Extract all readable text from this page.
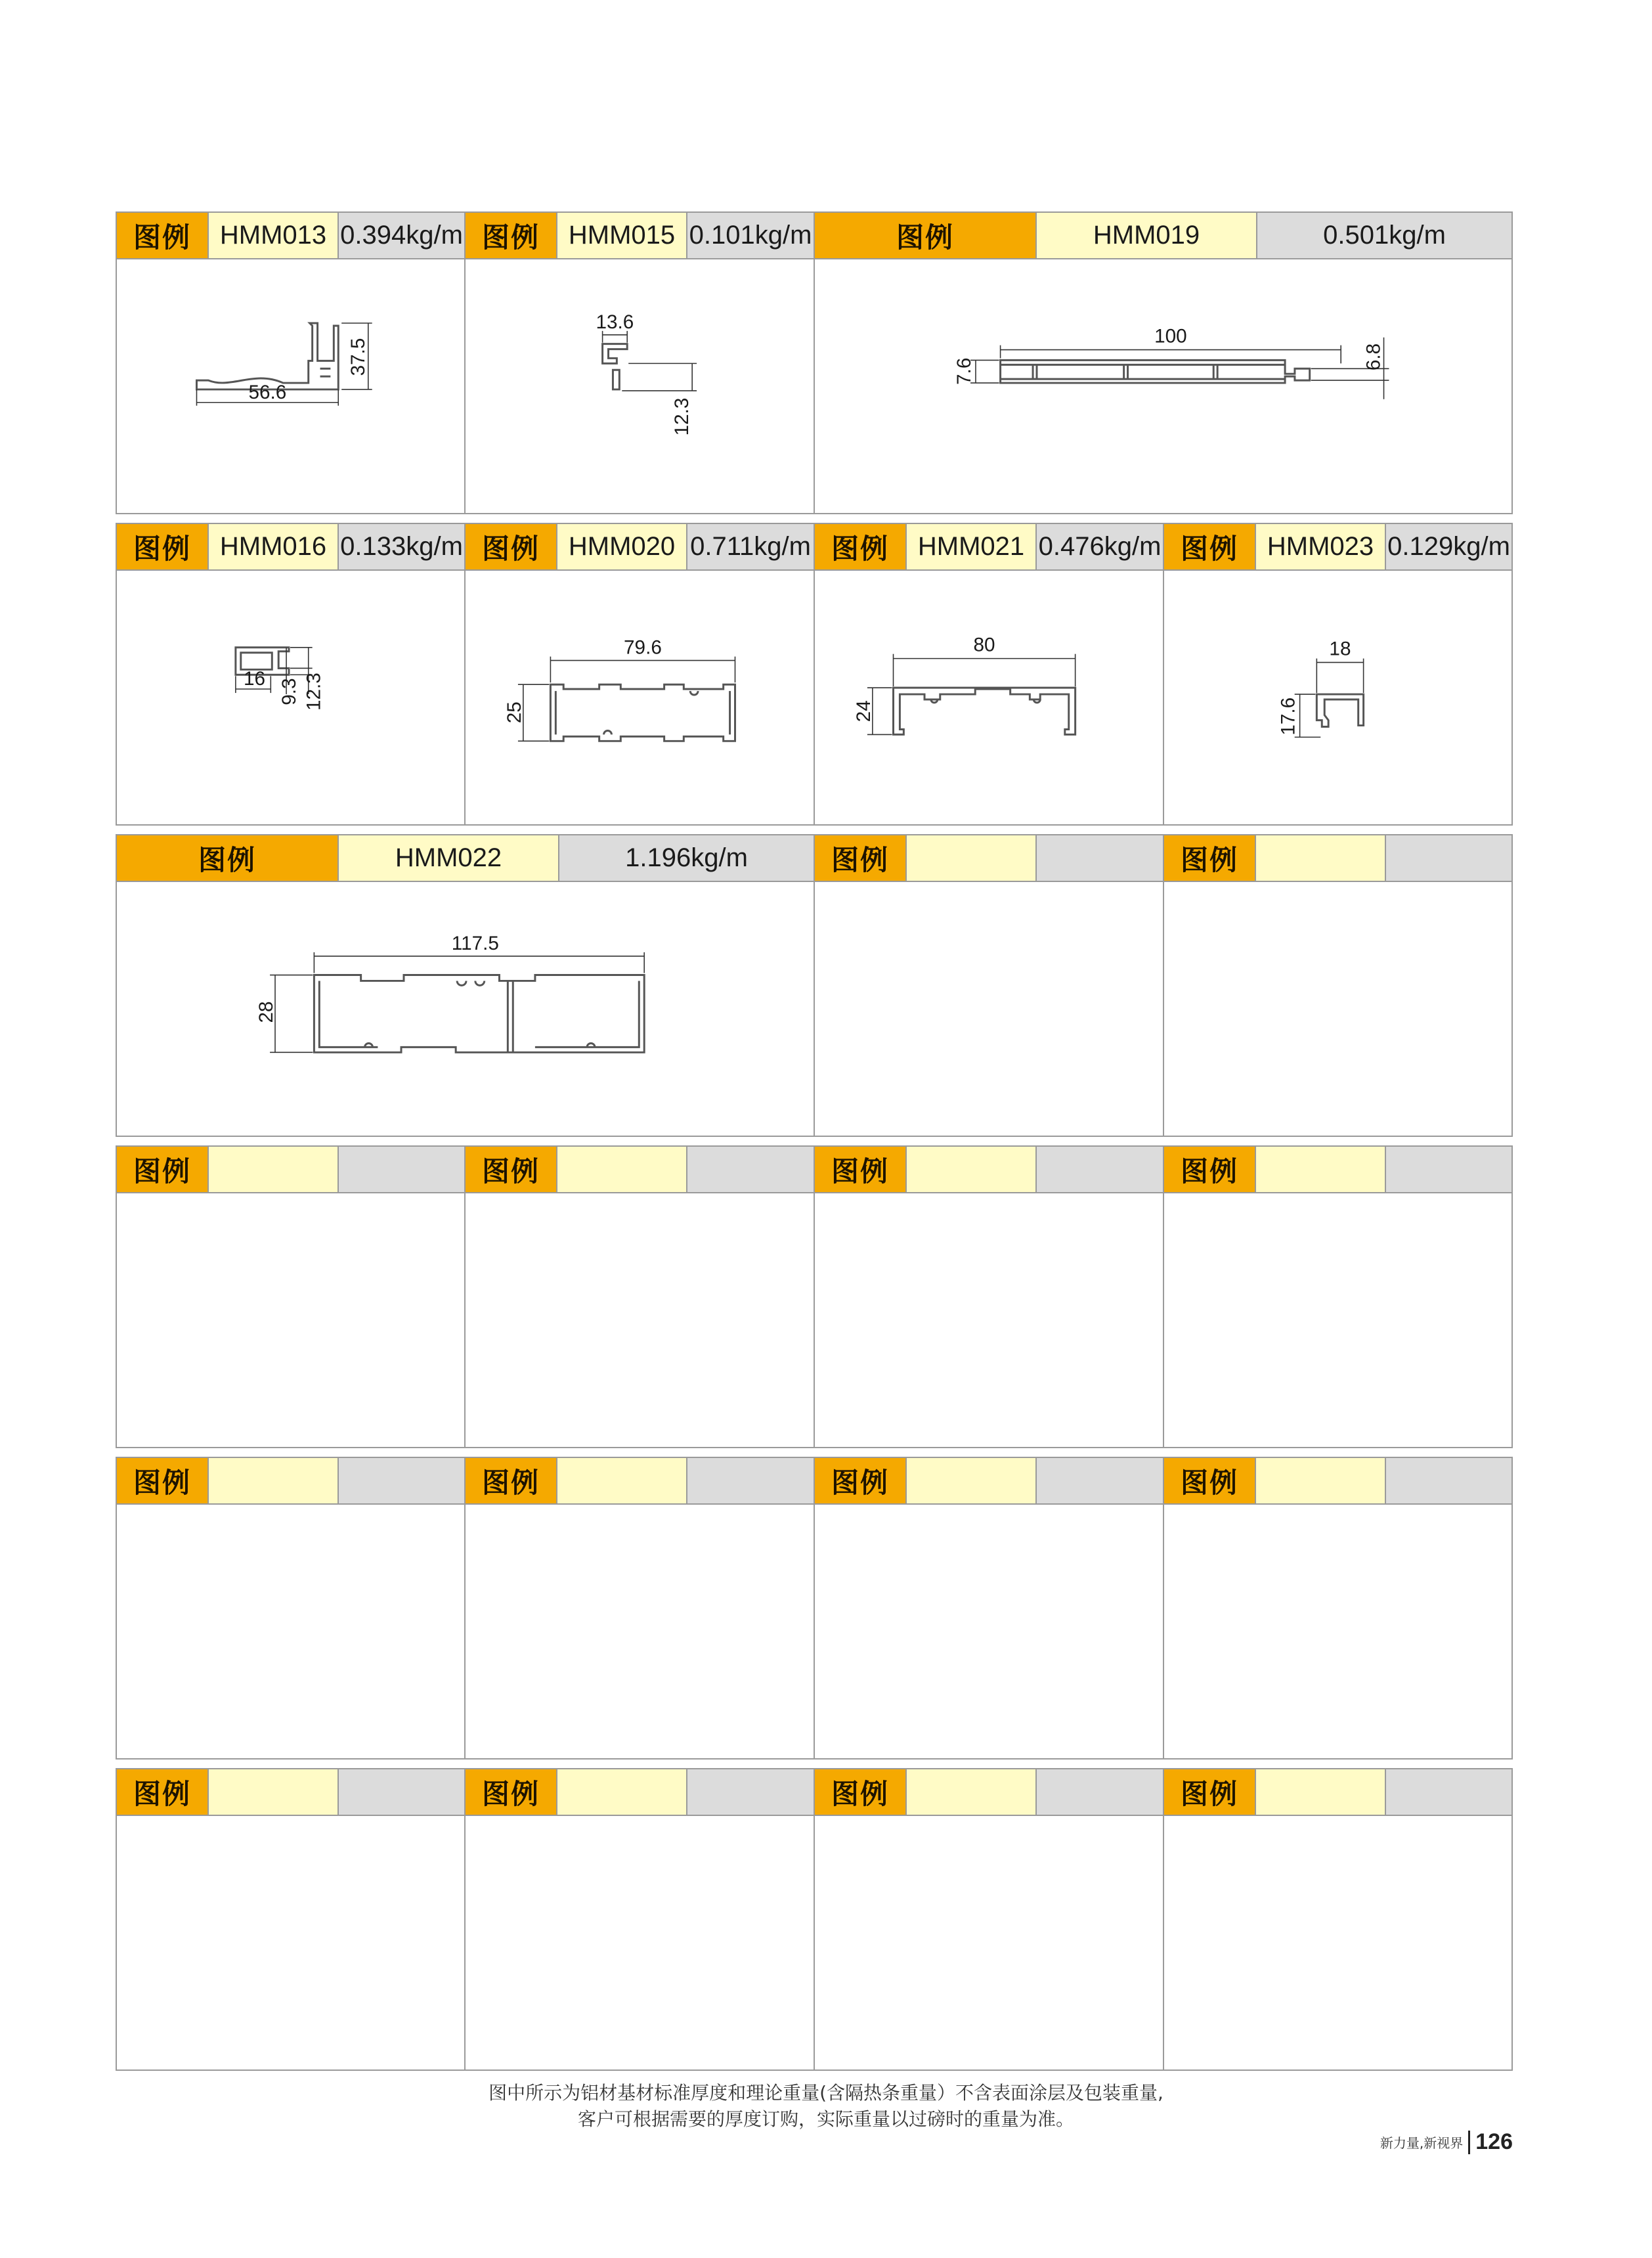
图例	HMM013 0.394kg/m
37.5
56.6
图例	HMM015 0.101kg/m
13.6
12.3
图例	HMM019	0.501kg/m
100
6.8
7.6
图例	HMM016 0.133kg/m
16 9.3 12.3
图例	HMM020 0.711kg/m
79.6
25
图例	HMM021 0.476kg/m
80
24
图例	HMM023 0.129kg/m
18
17.6
图例	HMM022	1.196kg/m
117.5
28
图例	图例
图例	图例	图例	图例
图例	图例	图例	图例
图例	图例	图例	图例
图中所示为铝材基材标准厚度和理论重量(含隔热条重量）不含表面涂层及包装重量,
客户可根据需要的厚度订购，实际重量以过磅时的重量为准。
新力量,新视界 126
